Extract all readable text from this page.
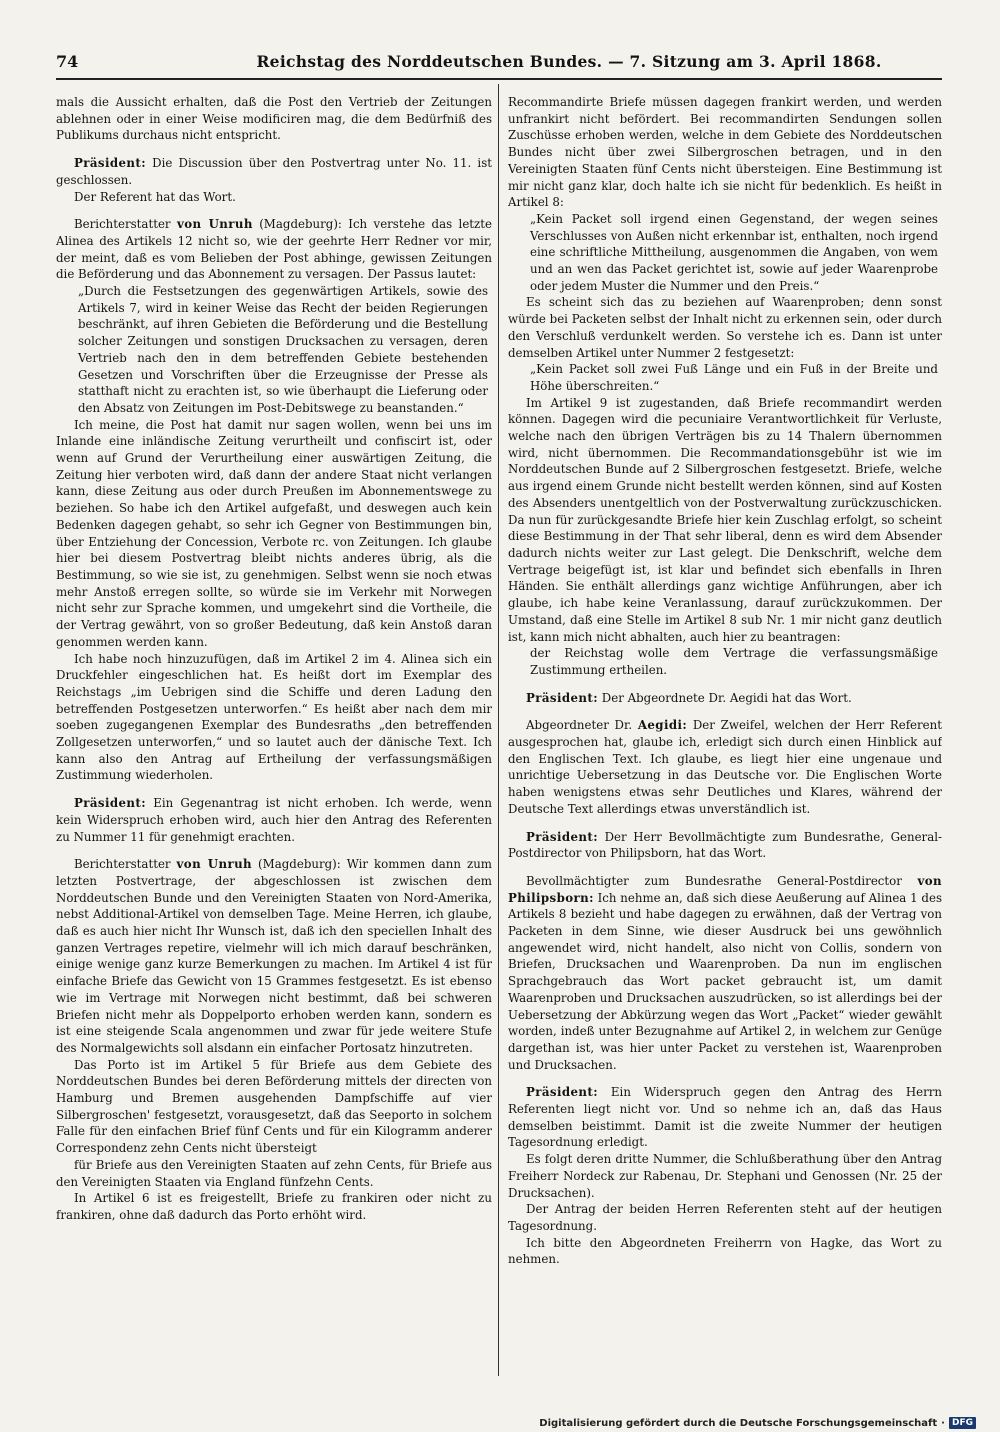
74	Reichstag des Norddeutschen Bundes. — 7. Sitzung am 3. April 1868.

mals die Aussicht erhalten, daß die Post den Vertrieb der Zeitungen ablehnen oder in einer Weise modificiren mag, die dem Bedürfniß des Publikums durchaus nicht entspricht.

Präsident: Die Discussion über den Postvertrag unter No. 11. ist geschlossen.

Der Referent hat das Wort.

Berichterstatter von Unruh (Magdeburg): Ich verstehe das letzte Alinea des Artikels 12 nicht so, wie der geehrte Herr Redner vor mir, der meint, daß es vom Belieben der Post abhinge, gewissen Zeitungen die Beförderung und das Abonnement zu versagen. Der Passus lautet:

„Durch die Festsetzungen des gegenwärtigen Artikels, sowie des Artikels 7, wird in keiner Weise das Recht der beiden Regierungen beschränkt, auf ihren Gebieten die Beförderung und die Bestellung solcher Zeitungen und sonstigen Drucksachen zu versagen, deren Vertrieb nach den in dem betreffenden Gebiete bestehenden Gesetzen und Vorschriften über die Erzeugnisse der Presse als statthaft nicht zu erachten ist, so wie überhaupt die Lieferung oder den Absatz von Zeitungen im Post-Debitswege zu beanstanden.“

Ich meine, die Post hat damit nur sagen wollen, wenn bei uns im Inlande eine inländische Zeitung verurtheilt und confiscirt ist, oder wenn auf Grund der Verurtheilung einer auswärtigen Zeitung, die Zeitung hier verboten wird, daß dann der andere Staat nicht verlangen kann, diese Zeitung aus oder durch Preußen im Abonnementswege zu beziehen. So habe ich den Artikel aufgefaßt, und deswegen auch kein Bedenken dagegen gehabt, so sehr ich Gegner von Bestimmungen bin, über Entziehung der Concession, Verbote rc. von Zeitungen. Ich glaube hier bei diesem Postvertrag bleibt nichts anderes übrig, als die Bestimmung, so wie sie ist, zu genehmigen. Selbst wenn sie noch etwas mehr Anstoß erregen sollte, so würde sie im Verkehr mit Norwegen nicht sehr zur Sprache kommen, und umgekehrt sind die Vortheile, die der Vertrag gewährt, von so großer Bedeutung, daß kein Anstoß daran genommen werden kann.

Ich habe noch hinzuzufügen, daß im Artikel 2 im 4. Alinea sich ein Druckfehler eingeschlichen hat. Es heißt dort im Exemplar des Reichstags „im Uebrigen sind die Schiffe und deren Ladung den betreffenden Postgesetzen unterworfen.“ Es heißt aber nach dem mir soeben zugegangenen Exemplar des Bundesraths „den betreffenden Zollgesetzen unterworfen,“ und so lautet auch der dänische Text. Ich kann also den Antrag auf Ertheilung der verfassungsmäßigen Zustimmung wiederholen.

Präsident: Ein Gegenantrag ist nicht erhoben. Ich werde, wenn kein Widerspruch erhoben wird, auch hier den Antrag des Referenten zu Nummer 11 für genehmigt erachten.

Berichterstatter von Unruh (Magdeburg): Wir kommen dann zum letzten Postvertrage, der abgeschlossen ist zwischen dem Norddeutschen Bunde und den Vereinigten Staaten von Nord-Amerika, nebst Additional-Artikel von demselben Tage. Meine Herren, ich glaube, daß es auch hier nicht Ihr Wunsch ist, daß ich den speciellen Inhalt des ganzen Vertrages repetire, vielmehr will ich mich darauf beschränken, einige wenige ganz kurze Bemerkungen zu machen. Im Artikel 4 ist für einfache Briefe das Gewicht von 15 Grammes festgesetzt. Es ist ebenso wie im Vertrage mit Norwegen nicht bestimmt, daß bei schweren Briefen nicht mehr als Doppelporto erhoben werden kann, sondern es ist eine steigende Scala angenommen und zwar für jede weitere Stufe des Normalgewichts soll alsdann ein einfacher Portosatz hinzutreten.

Das Porto ist im Artikel 5 für Briefe aus dem Gebiete des Norddeutschen Bundes bei deren Beförderung mittels der directen von Hamburg und Bremen ausgehenden Dampfschiffe auf vier Silbergroschen' festgesetzt, vorausgesetzt, daß das Seeporto in solchem Falle für den einfachen Brief fünf Cents und für ein Kilogramm anderer Correspondenz zehn Cents nicht übersteigt

für Briefe aus den Vereinigten Staaten auf zehn Cents, für Briefe aus den Vereinigten Staaten via England fünfzehn Cents.

In Artikel 6 ist es freigestellt, Briefe zu frankiren oder nicht zu frankiren, ohne daß dadurch das Porto erhöht wird.

Recommandirte Briefe müssen dagegen frankirt werden, und werden unfrankirt nicht befördert. Bei recommandirten Sendungen sollen Zuschüsse erhoben werden, welche in dem Gebiete des Norddeutschen Bundes nicht über zwei Silbergroschen betragen, und in den Vereinigten Staaten fünf Cents nicht übersteigen. Eine Bestimmung ist mir nicht ganz klar, doch halte ich sie nicht für bedenklich. Es heißt in Artikel 8:

„Kein Packet soll irgend einen Gegenstand, der wegen seines Verschlusses von Außen nicht erkennbar ist, enthalten, noch irgend eine schriftliche Mittheilung, ausgenommen die Angaben, von wem und an wen das Packet gerichtet ist, sowie auf jeder Waarenprobe oder jedem Muster die Nummer und den Preis.“

Es scheint sich das zu beziehen auf Waarenproben; denn sonst würde bei Packeten selbst der Inhalt nicht zu erkennen sein, oder durch den Verschluß verdunkelt werden. So verstehe ich es. Dann ist unter demselben Artikel unter Nummer 2 festgesetzt:

„Kein Packet soll zwei Fuß Länge und ein Fuß in der Breite und Höhe überschreiten.“

Im Artikel 9 ist zugestanden, daß Briefe recommandirt werden können. Dagegen wird die pecuniaire Verantwortlichkeit für Verluste, welche nach den übrigen Verträgen bis zu 14 Thalern übernommen wird, nicht übernommen. Die Recommandationsgebühr ist wie im Norddeutschen Bunde auf 2 Silbergroschen festgesetzt. Briefe, welche aus irgend einem Grunde nicht bestellt werden können, sind auf Kosten des Absenders unentgeltlich von der Postverwaltung zurückzuschicken. Da nun für zurückgesandte Briefe hier kein Zuschlag erfolgt, so scheint diese Bestimmung in der That sehr liberal, denn es wird dem Absender dadurch nichts weiter zur Last gelegt. Die Denkschrift, welche dem Vertrage beigefügt ist, ist klar und befindet sich ebenfalls in Ihren Händen. Sie enthält allerdings ganz wichtige Anführungen, aber ich glaube, ich habe keine Veranlassung, darauf zurückzukommen. Der Umstand, daß eine Stelle im Artikel 8 sub Nr. 1 mir nicht ganz deutlich ist, kann mich nicht abhalten, auch hier zu beantragen:

der Reichstag wolle dem Vertrage die verfassungsmäßige Zustimmung ertheilen.

Präsident: Der Abgeordnete Dr. Aegidi hat das Wort.

Abgeordneter Dr. Aegidi: Der Zweifel, welchen der Herr Referent ausgesprochen hat, glaube ich, erledigt sich durch einen Hinblick auf den Englischen Text. Ich glaube, es liegt hier eine ungenaue und unrichtige Uebersetzung in das Deutsche vor. Die Englischen Worte haben wenigstens etwas sehr Deutliches und Klares, während der Deutsche Text allerdings etwas unverständlich ist.

Präsident: Der Herr Bevollmächtigte zum Bundesrathe, General-Postdirector von Philipsborn, hat das Wort.

Bevollmächtigter zum Bundesrathe General-Postdirector von Philipsborn: Ich nehme an, daß sich diese Aeußerung auf Alinea 1 des Artikels 8 bezieht und habe dagegen zu erwähnen, daß der Vertrag von Packeten in dem Sinne, wie dieser Ausdruck bei uns gewöhnlich angewendet wird, nicht handelt, also nicht von Collis, sondern von Briefen, Drucksachen und Waarenproben. Da nun im englischen Sprachgebrauch das Wort packet gebraucht ist, um damit Waarenproben und Drucksachen auszudrücken, so ist allerdings bei der Uebersetzung der Abkürzung wegen das Wort „Packet“ wieder gewählt worden, indeß unter Bezugnahme auf Artikel 2, in welchem zur Genüge dargethan ist, was hier unter Packet zu verstehen ist, Waarenproben und Drucksachen.

Präsident: Ein Widerspruch gegen den Antrag des Herrn Referenten liegt nicht vor. Und so nehme ich an, daß das Haus demselben beistimmt. Damit ist die zweite Nummer der heutigen Tagesordnung erledigt.

Es folgt deren dritte Nummer, die Schlußberathung über den Antrag Freiherr Nordeck zur Rabenau, Dr. Stephani und Genossen (Nr. 25 der Drucksachen).

Der Antrag der beiden Herren Referenten steht auf der heutigen Tagesordnung.

Ich bitte den Abgeordneten Freiherrn von Hagke, das Wort zu nehmen.

Digitalisierung gefördert durch die Deutsche Forschungsgemeinschaft · DFG
